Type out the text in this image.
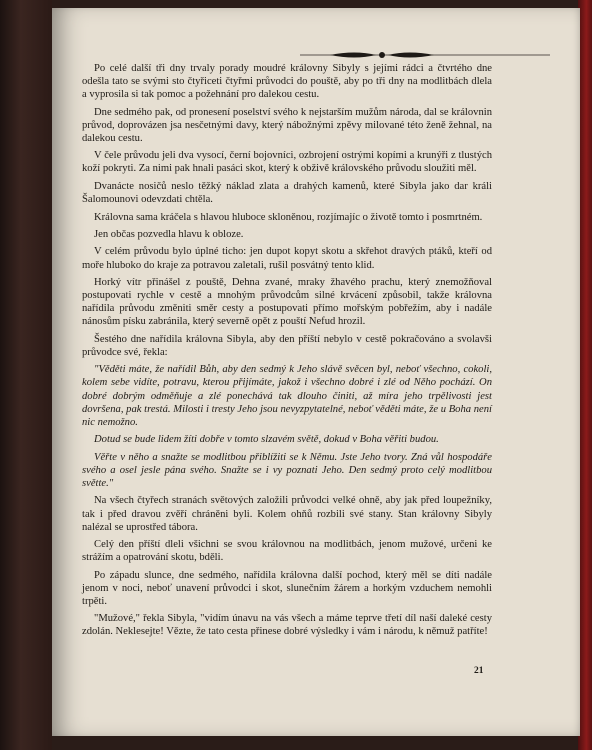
Po celé další tři dny trvaly porady moudré královny Sibyly s jejími rádci a čtvrtého dne odešla tato se svými sto čtyřiceti čtyřmi průvodci do pouště, aby po tři dny na modlitbách dlela a vyprosila si tak pomoc a požehnání pro dalekou cestu.

Dne sedmého pak, od pronesení poselství svého k nejstarším mužům národa, dal se královnin průvod, doprovázen jsa nesčetnými davy, který nábožnými zpěvy milované této ženě žehnal, na dalekou cestu.

V čele průvodu jeli dva vysocí, černí bojovníci, ozbrojení ostrými kopími a krunýři z tlustých koží pokryti. Za nimi pak hnali pasáci skot, který k obživě královského průvodu sloužiti měl.

Dvanácte nosičů neslo těžký náklad zlata a drahých kamenů, které Sibyla jako dar králi Šalomounovi odevzdati chtěla.

Královna sama kráčela s hlavou hluboce skloněnou, rozjímajíc o životě tomto i posmrtném.

Jen občas pozvedla hlavu k obloze.

V celém průvodu bylo úplné ticho: jen dupot kopyt skotu a skřehot dravých ptáků, kteří od moře hluboko do kraje za potravou zaletali, rušil posvátný tento klid.

Horký vítr přinášel z pouště, Dehna zvané, mraky žhavého prachu, který znemožňoval postupovati rychle v cestě a mnohým průvodcům silné krvácení způsobil, takže královna nařídila průvodu změniti směr cesty a postupovati přímo mořským pobřežím, aby i nadále nánosům písku zabránila, který severně opět z pouští Nefud hrozil.

Šestého dne nařídila královna Sibyla, aby den příští nebylo v cestě pokračováno a svolavši průvodce své, řekla:

"Věděti máte, že nařídil Bůh, aby den sedmý k Jeho slávě svěcen byl, neboť všechno, cokoli, kolem sebe vidíte, potravu, kterou přijímáte, jakož i všechno dobré i zlé od Něho pochází. On dobré dobrým odměňuje a zlé ponechává tak dlouho činiti, až míra jeho trpělivosti jest dovršena, pak trestá. Milosti i tresty Jeho jsou nevyzpytatelné, neboť věděti máte, že u Boha není nic nemožno.

Dotud se bude lidem žíti dobře v tomto slzavém světě, dokud v Boha věřiti budou.

Věřte v něho a snažte se modlitbou přiblížiti se k Němu. Jste Jeho tvory. Zná vůl hospodáře svého a osel jesle pána svého. Snažte se i vy poznati Jeho. Den sedmý proto celý modlitbou světte."

Na všech čtyřech stranách světových založili průvodci velké ohně, aby jak před loupežníky, tak i před dravou zvěří chráněni byli. Kolem ohňů rozbili své stany. Stan královny Sibyly nalézal se uprostřed tábora.

Celý den příští dleli všichni se svou královnou na modlitbách, jenom mužové, určeni ke strážím a opatrování skotu, bděli.

Po západu slunce, dne sedmého, nařídila královna další pochod, který měl se díti nadále jenom v noci, neboť unavení průvodci i skot, slunečním žárem a horkým vzduchem nemohli trpěti.

"Mužové," řekla Sibyla, "vidím únavu na vás všech a máme teprve třetí díl naší daleké cesty zdolán. Neklesejte! Vězte, že tato cesta přinese dobré výsledky i vám i národu, k němuž patříte!

21
